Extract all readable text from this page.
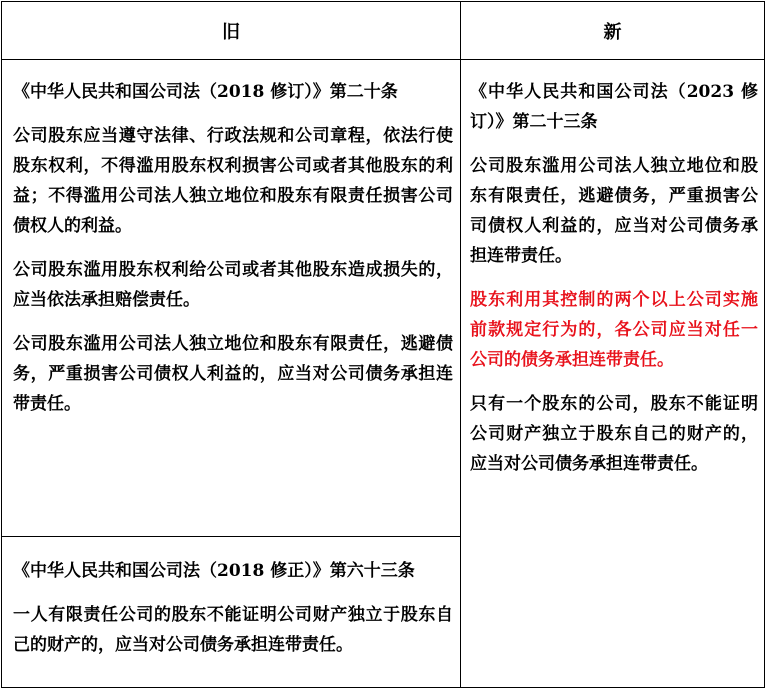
旧	新

《中华人民共和国公司法（2018 修订）》第二十条

公司股东应当遵守法律、行政法规和公司章程，依法行使股东权利，不得滥用股东权利损害公司或者其他股东的利益；不得滥用公司法人独立地位和股东有限责任损害公司债权人的利益。

公司股东滥用股东权利给公司或者其他股东造成损失的，应当依法承担赔偿责任。

公司股东滥用公司法人独立地位和股东有限责任，逃避债务，严重损害公司债权人利益的，应当对公司债务承担连带责任。

《中华人民共和国公司法（2018 修正）》第六十三条

一人有限责任公司的股东不能证明公司财产独立于股东自己的财产的，应当对公司债务承担连带责任。

《中华人民共和国公司法（2023 修订）》第二十三条

公司股东滥用公司法人独立地位和股东有限责任，逃避债务，严重损害公司债权人利益的，应当对公司债务承担连带责任。

股东利用其控制的两个以上公司实施前款规定行为的，各公司应当对任一公司的债务承担连带责任。

只有一个股东的公司，股东不能证明公司财产独立于股东自己的财产的，应当对公司债务承担连带责任。
